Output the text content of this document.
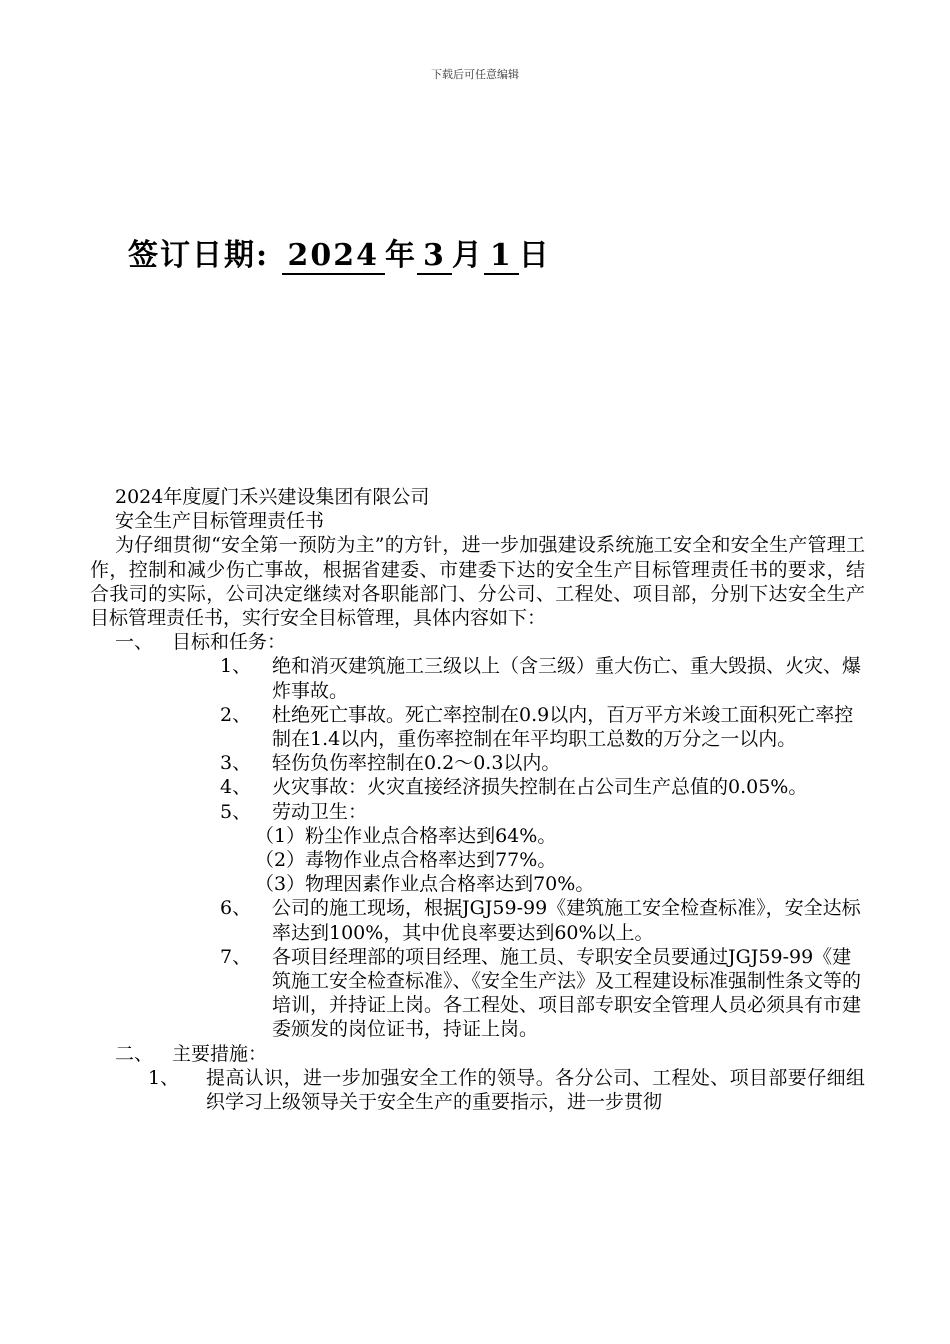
下载后可任意编辑
签订日期: 2024 年 3 月 1 日

2024年度厦门禾兴建设集团有限公司

安全生产目标管理责任书

为仔细贯彻“安全第一预防为主”的方针，进一步加强建设系统施工安全和安全生产管理工作，控制和减少伤亡事故，根据省建委、市建委下达的安全生产目标管理责任书的要求，结合我司的实际，公司决定继续对各职能部门、分公司、工程处、项目部，分别下达安全生产目标管理责任书，实行安全目标管理，具体内容如下：

一、 目标和任务：
1、	绝和消灭建筑施工三级以上（含三级）重大伤亡、重大毁损、火灾、爆炸事故。
2、	杜绝死亡事故。死亡率控制在0.9以内，百万平方米竣工面积死亡率控制在1.4以内，重伤率控制在年平均职工总数的万分之一以内。
3、	轻伤负伤率控制在0.2～0.3以内。
4、	火灾事故：火灾直接经济损失控制在占公司生产总值的0.05%。
5、	劳动卫生：

（1）粉尘作业点合格率达到64%。

（2）毒物作业点合格率达到77%。

（3）物理因素作业点合格率达到70%。

6、	公司的施工现场，根据JGJ59-99《建筑施工安全检查标准》，安全达标率达到100%，其中优良率要达到60%以上。
7、	各项目经理部的项目经理、施工员、专职安全员要通过JGJ59-99《建筑施工安全检查标准》、《安全生产法》及工程建设标准强制性条文等的培训，并持证上岗。各工程处、项目部专职安全管理人员必须具有市建委颁发的岗位证书，持证上岗。
二、 主要措施：
1、	提高认识，进一步加强安全工作的领导。各分公司、工程处、项目部要仔细组织学习上级领导关于安全生产的重要指示，进一步贯彻
